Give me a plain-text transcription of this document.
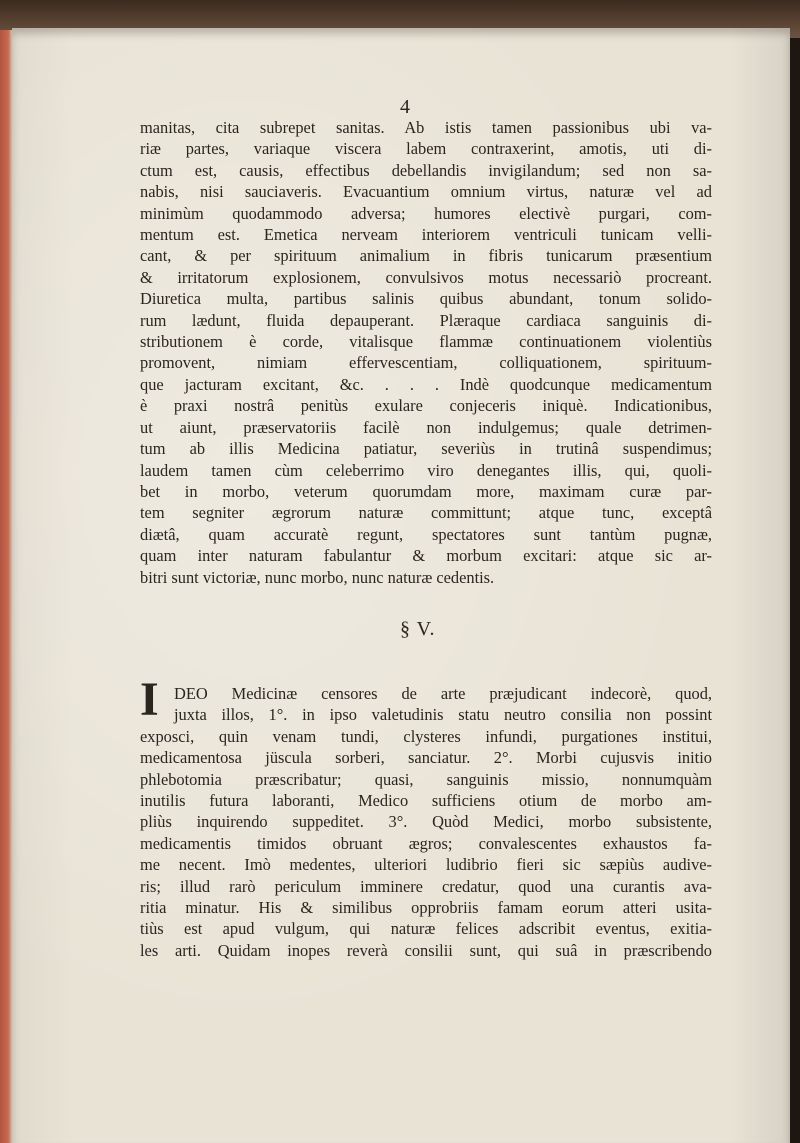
4
manitas, cita subrepet sanitas. Ab istis tamen passionibus ubi va-
riæ partes, variaque viscera labem contraxerint, amotis, uti di-
ctum est, causis, effectibus debellandis invigilandum; sed non sa-
nabis, nisi sauciaveris. Evacuantium omnium virtus, naturæ vel ad
minimùm quodammodo adversa; humores electivè purgari, com-
mentum est. Emetica nerveam interiorem ventriculi tunicam velli-
cant, & per spirituum animalium in fibris tunicarum præsentium
& irritatorum explosionem, convulsivos motus necessariò procreant.
Diuretica multa, partibus salinis quibus abundant, tonum solido-
rum lædunt, fluida depauperant. Plæraque cardiaca sanguinis di-
stributionem è corde, vitalisque flammæ continuationem violentiùs
promovent, nimiam effervescentiam, colliquationem, spirituum-
que jacturam excitant, &c. . . . Indè quodcunque medicamentum
è praxi nostrâ penitùs exulare conjeceris iniquè. Indicationibus,
ut aiunt, præservatoriis facilè non indulgemus; quale detrimen-
tum ab illis Medicina patiatur, severiùs in trutinâ suspendimus;
laudem tamen cùm celeberrimo viro denegantes illis, qui, quoli-
bet in morbo, veterum quorumdam more, maximam curæ par-
tem segniter ægrorum naturæ committunt; atque tunc, exceptâ
diætâ, quam accuratè regunt, spectatores sunt tantùm pugnæ,
quam inter naturam fabulantur & morbum excitari: atque sic ar-
bitri sunt victoriæ, nunc morbo, nunc naturæ cedentis.
§ V.
I DEO Medicinæ censores de arte præjudicant indecorè, quod,
juxta illos, 1°. in ipso valetudinis statu neutro consilia non possint
exposci, quin venam tundi, clysteres infundi, purgationes institui,
medicamentosa jüscula sorberi, sanciatur. 2°. Morbi cujusvis initio
phlebotomia præscribatur; quasi, sanguinis missio, nonnumquàm
inutilis futura laboranti, Medico sufficiens otium de morbo am-
pliùs inquirendo suppeditet. 3°. Quòd Medici, morbo subsistente,
medicamentis timidos obruant ægros; convalescentes exhaustos fa-
me necent. Imò medentes, ulteriori ludibrio fieri sic sæpiùs audive-
ris; illud rarò periculum imminere credatur, quod una curantis ava-
ritia minatur. His & similibus opprobriis famam eorum atteri usita-
tiùs est apud vulgum, qui naturæ felices adscribit eventus, exitia-
les arti. Quidam inopes reverà consilii sunt, qui suâ in præscribendo
